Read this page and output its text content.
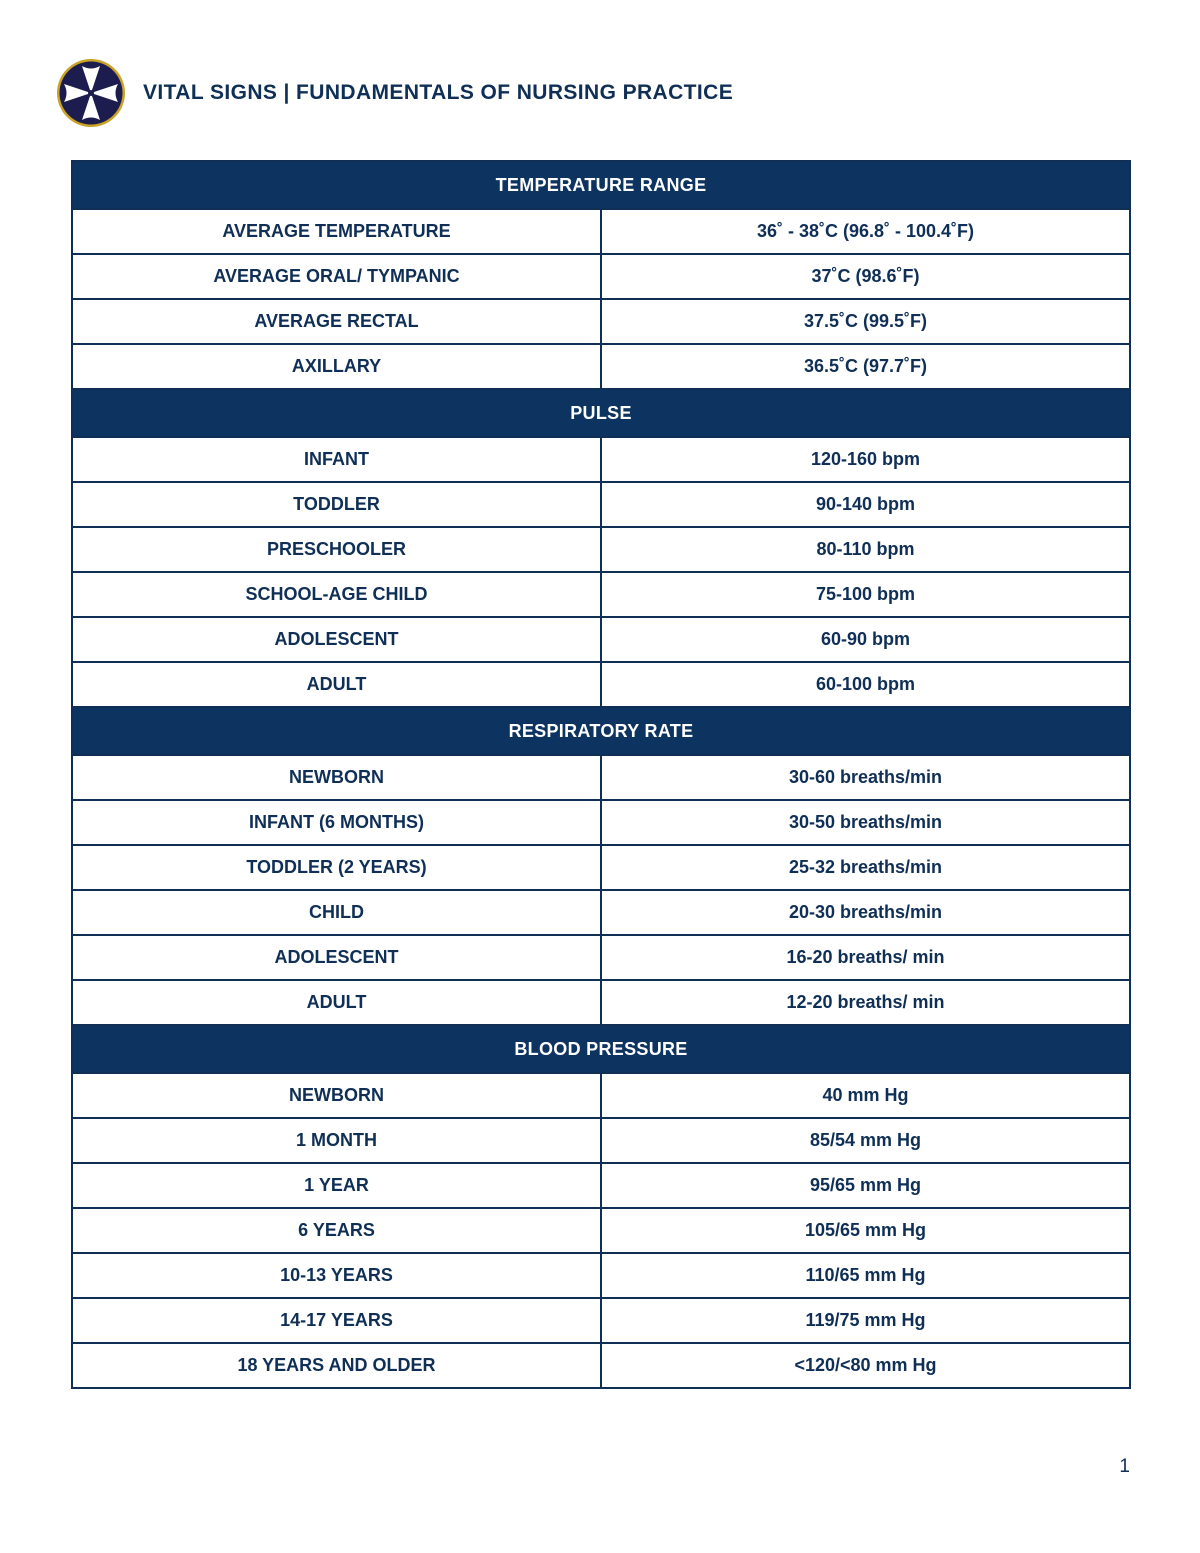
VITAL SIGNS | FUNDAMENTALS OF NURSING PRACTICE
TEMPERATURE RANGE	
AVERAGE TEMPERATURE	36˚ - 38˚C (96.8˚ - 100.4˚F)
AVERAGE ORAL/ TYMPANIC	37˚C (98.6˚F)
AVERAGE RECTAL	37.5˚C (99.5˚F)
AXILLARY	36.5˚C (97.7˚F)
PULSE	
INFANT	120-160 bpm
TODDLER	90-140 bpm
PRESCHOOLER	80-110 bpm
SCHOOL-AGE CHILD	75-100 bpm
ADOLESCENT	60-90 bpm
ADULT	60-100 bpm
RESPIRATORY RATE	
NEWBORN	30-60 breaths/min
INFANT (6 MONTHS)	30-50 breaths/min
TODDLER (2 YEARS)	25-32 breaths/min
CHILD	20-30 breaths/min
ADOLESCENT	16-20 breaths/ min
ADULT	12-20 breaths/ min
BLOOD PRESSURE	
NEWBORN	40 mm Hg
1 MONTH	85/54 mm Hg
1 YEAR	95/65 mm Hg
6 YEARS	105/65 mm Hg
10-13 YEARS	110/65 mm Hg
14-17 YEARS	119/75 mm Hg
18 YEARS AND OLDER	<120/<80 mm Hg
1
